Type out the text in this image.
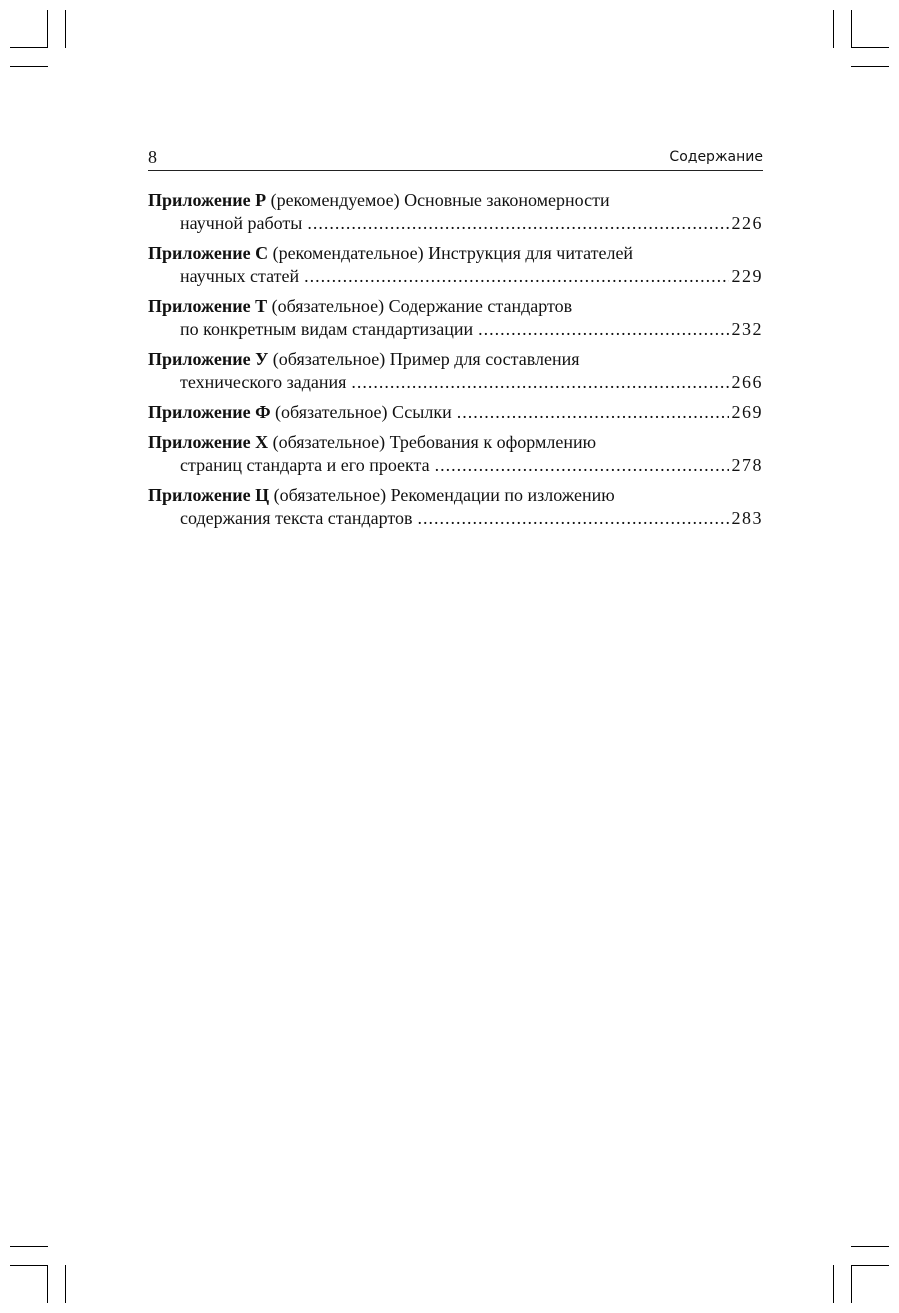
8	Содержание
Приложение Р (рекомендуемое) Основные закономерности
научной работы .....	226
Приложение С (рекомендательное) Инструкция для читателей
научных статей .....	229
Приложение Т (обязательное) Содержание стандартов
по конкретным видам стандартизации .....	232
Приложение У (обязательное) Пример для составления
технического задания .....	266
Приложение Ф (обязательное) Ссылки .....	269
Приложение Х (обязательное) Требования к оформлению
страниц стандарта и его проекта .....	278
Приложение Ц (обязательное) Рекомендации по изложению
содержания текста стандартов .....	283
